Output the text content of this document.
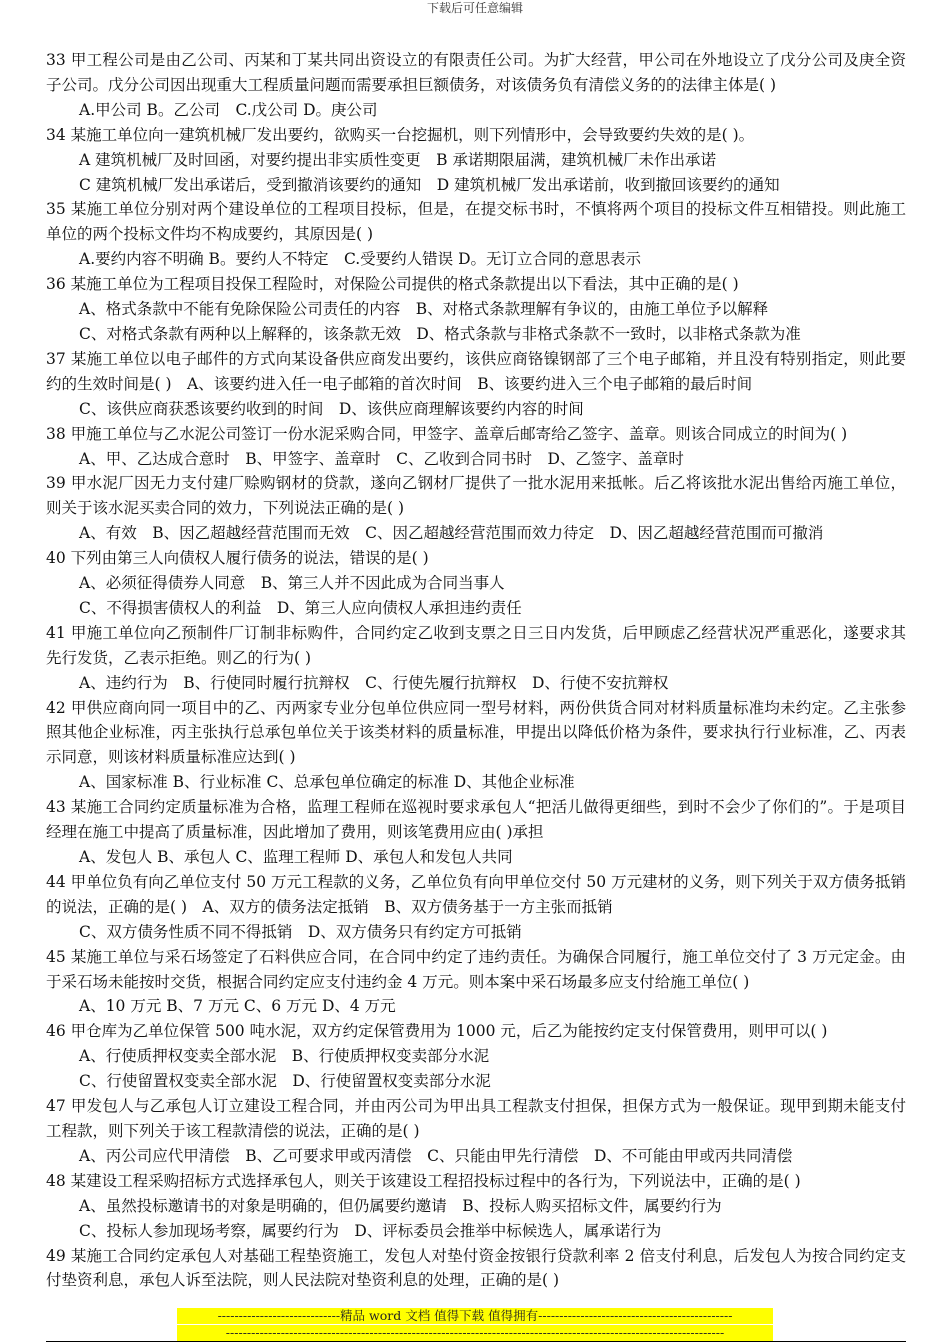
下载后可任意编辑

33 甲工程公司是由乙公司、丙某和丁某共同出资设立的有限责任公司。为扩大经营，甲公司在外地设立了戊分公司及庚全资子公司。戊分公司因出现重大工程质量问题而需要承担巨额债务，对该债务负有清偿义务的的法律主体是( )

A.甲公司 B。乙公司　C.戊公司 D。庚公司

34 某施工单位向一建筑机械厂发出要约，欲购买一台挖掘机，则下列情形中，会导致要约失效的是( )。

A 建筑机械厂及时回函，对要约提出非实质性变更　B 承诺期限届满，建筑机械厂未作出承诺

C 建筑机械厂发出承诺后，受到撤消该要约的通知　D 建筑机械厂发出承诺前，收到撤回该要约的通知

35 某施工单位分别对两个建设单位的工程项目投标，但是，在提交标书时，不慎将两个项目的投标文件互相错投。则此施工单位的两个投标文件均不构成要约，其原因是( )

A.要约内容不明确 B。要约人不特定　C.受要约人错误 D。无订立合同的意思表示

36 某施工单位为工程项目投保工程险时，对保险公司提供的格式条款提出以下看法，其中正确的是( )

A、格式条款中不能有免除保险公司责任的内容　B、对格式条款理解有争议的，由施工单位予以解释

C、对格式条款有两种以上解释的，该条款无效　D、格式条款与非格式条款不一致时，以非格式条款为准

37 某施工单位以电子邮件的方式向某设备供应商发出要约，该供应商铬镍钢部了三个电子邮箱，并且没有特别指定，则此要约的生效时间是( )　A、该要约进入任一电子邮箱的首次时间　B、该要约进入三个电子邮箱的最后时间

C、该供应商获悉该要约收到的时间　D、该供应商理解该要约内容的时间

38 甲施工单位与乙水泥公司签订一份水泥采购合同，甲签字、盖章后邮寄给乙签字、盖章。则该合同成立的时间为( )

A、甲、乙达成合意时　B、甲签字、盖章时　C、乙收到合同书时　D、乙签字、盖章时

39 甲水泥厂因无力支付建厂赊购钢材的贷款，遂向乙钢材厂提供了一批水泥用来抵帐。后乙将该批水泥出售给丙施工单位，则关于该水泥买卖合同的效力，下列说法正确的是( )

A、有效　B、因乙超越经营范围而无效　C、因乙超越经营范围而效力待定　D、因乙超越经营范围而可撤消

40 下列由第三人向债权人履行债务的说法，错误的是( )

A、必须征得债券人同意　B、第三人并不因此成为合同当事人

C、不得损害债权人的利益　D、第三人应向债权人承担违约责任

41 甲施工单位向乙预制件厂订制非标购件，合同约定乙收到支票之日三日内发货，后甲顾虑乙经营状况严重恶化，遂要求其先行发货，乙表示拒绝。则乙的行为( )

A、违约行为　B、行使同时履行抗辩权　C、行使先履行抗辩权　D、行使不安抗辩权

42 甲供应商向同一项目中的乙、丙两家专业分包单位供应同一型号材料，两份供货合同对材料质量标准均未约定。乙主张参照其他企业标准，丙主张执行总承包单位关于该类材料的质量标准，甲提出以降低价格为条件，要求执行行业标准，乙、丙表示同意，则该材料质量标准应达到( )

A、国家标准 B、行业标准 C、总承包单位确定的标准 D、其他企业标准

43 某施工合同约定质量标准为合格，监理工程师在巡视时要求承包人“把活儿做得更细些，到时不会少了你们的”。于是项目经理在施工中提高了质量标准，因此增加了费用，则该笔费用应由( )承担

A、发包人 B、承包人 C、监理工程师 D、承包人和发包人共同

44 甲单位负有向乙单位支付 50 万元工程款的义务，乙单位负有向甲单位交付 50 万元建材的义务，则下列关于双方债务抵销的说法，正确的是( )　A、双方的债务法定抵销　B、双方债务基于一方主张而抵销

C、双方债务性质不同不得抵销　D、双方债务只有约定方可抵销

45 某施工单位与采石场签定了石料供应合同，在合同中约定了违约责任。为确保合同履行，施工单位交付了 3 万元定金。由于采石场未能按时交货，根据合同约定应支付违约金 4 万元。则本案中采石场最多应支付给施工单位( )

A、10 万元 B、7 万元 C、6 万元 D、4 万元

46 甲仓库为乙单位保管 500 吨水泥，双方约定保管费用为 1000 元，后乙为能按约定支付保管费用，则甲可以( )

A、行使质押权变卖全部水泥　B、行使质押权变卖部分水泥

C、行使留置权变卖全部水泥　D、行使留置权变卖部分水泥

47 甲发包人与乙承包人订立建设工程合同，并由丙公司为甲出具工程款支付担保，担保方式为一般保证。现甲到期未能支付工程款，则下列关于该工程款清偿的说法，正确的是( )

A、丙公司应代甲清偿　B、乙可要求甲或丙清偿　C、只能由甲先行清偿　D、不可能由甲或丙共同清偿

48 某建设工程采购招标方式选择承包人，则关于该建设工程招投标过程中的各行为，下列说法中，正确的是( )

A、虽然投标邀请书的对象是明确的，但仍属要约邀请　B、投标人购买招标文件，属要约行为

C、投标人参加现场考察，属要约行为　D、评标委员会推举中标候选人，属承诺行为

49 某施工合同约定承包人对基础工程垫资施工，发包人对垫付资金按银行贷款利率 2 倍支付利息，后发包人为按合同约定支付垫资利息，承包人诉至法院，则人民法院对垫资利息的处理，正确的是( )

-----------------------------精品 word 文档 值得下载 值得拥有----------------------------------------------
----------------------------------------------------------------------------------------------------------------------
